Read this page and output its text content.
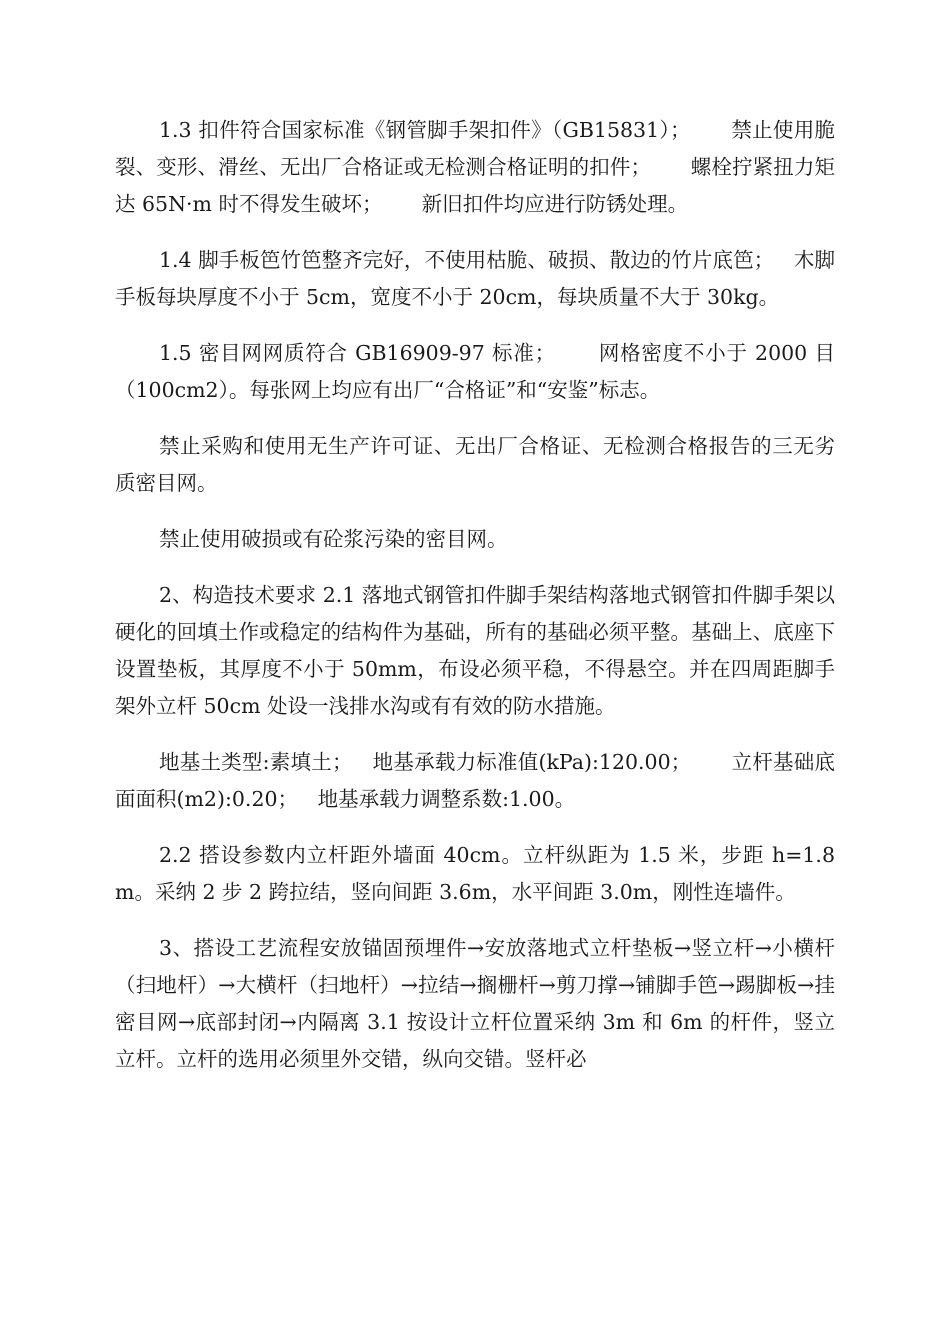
1.3 扣件符合国家标准《钢管脚手架扣件》（GB15831）；      禁止使用脆裂、变形、滑丝、无出厂合格证或无检测合格证明的扣件；      螺栓拧紧扭力矩达 65N·m 时不得发生破坏；      新旧扣件均应进行防锈处理。

1.4 脚手板笆竹笆整齐完好，不使用枯脆、破损、散边的竹片底笆；   木脚手板每块厚度不小于 5cm，宽度不小于 20cm，每块质量不大于 30kg。

1.5 密目网网质符合 GB16909-97 标准；      网格密度不小于 2000 目（100cm2）。每张网上均应有出厂“合格证”和“安鉴”标志。

禁止采购和使用无生产许可证、无出厂合格证、无检测合格报告的三无劣质密目网。

禁止使用破损或有砼浆污染的密目网。

2、构造技术要求 2.1 落地式钢管扣件脚手架结构落地式钢管扣件脚手架以硬化的回填土作或稳定的结构件为基础，所有的基础必须平整。基础上、底座下设置垫板，其厚度不小于 50mm，布设必须平稳，不得悬空。并在四周距脚手架外立杆 50cm 处设一浅排水沟或有有效的防水措施。

地基土类型:素填土；   地基承载力标准值(kPa):120.00；      立杆基础底面面积(m2):0.20；   地基承载力调整系数:1.00。

2.2 搭设参数内立杆距外墙面 40cm。立杆纵距为 1.5 米，步距 h=1.8m。采纳 2 步 2 跨拉结，竖向间距 3.6m，水平间距 3.0m，刚性连墙件。

3、搭设工艺流程安放锚固预埋件→安放落地式立杆垫板→竖立杆→小横杆（扫地杆）→大横杆（扫地杆）→拉结→搁栅杆→剪刀撑→铺脚手笆→踢脚板→挂密目网→底部封闭→内隔离 3.1 按设计立杆位置采纳 3m 和 6m 的杆件，竖立立杆。立杆的选用必须里外交错，纵向交错。竖杆必
